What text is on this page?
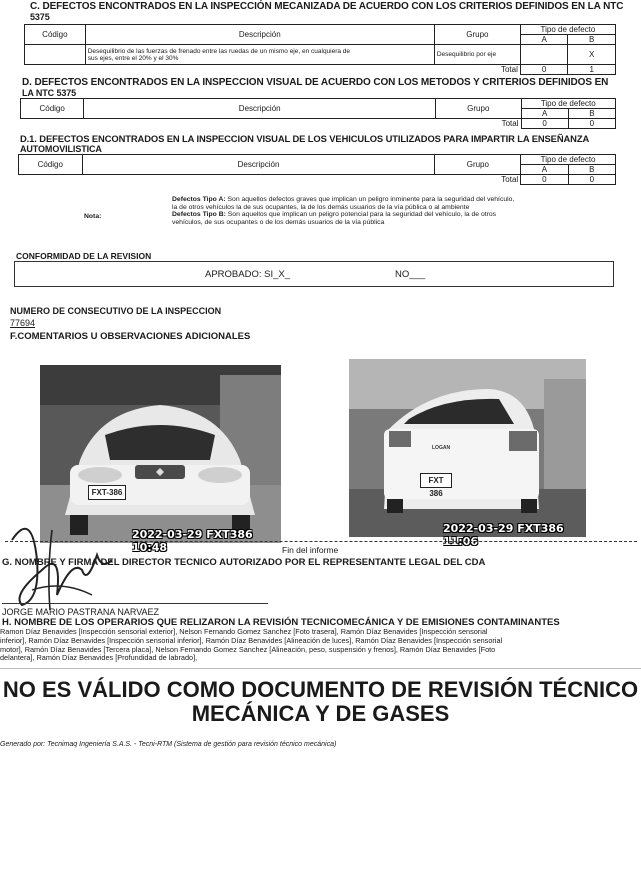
C. DEFECTOS ENCONTRADOS EN LA INSPECCIÓN MECANIZADA DE ACUERDO CON LOS CRITERIOS DEFINIDOS EN LA NTC
5375
Código	Descripción	Grupo	Tipo de defecto	
			A	B

	Desequilibrio de las fuerzas de frenado entre las ruedas de un mismo eje, en cualquiera de
sus ejes, entre el 20% y el 30%	Desequilibrio por eje		X
Total			0	1
D. DEFECTOS ENCONTRADOS EN LA INSPECCION VISUAL DE ACUERDO CON LOS METODOS Y CRITERIOS DEFINIDOS EN
LA NTC 5375
Código	Descripción	Grupo	Tipo de defecto	
			A	B
Total			0	0
D.1. DEFECTOS ENCONTRADOS EN LA INSPECCION VISUAL DE LOS VEHICULOS UTILIZADOS PARA IMPARTIR LA ENSEÑANZA
AUTOMOVILISTICA
Código	Descripción	Grupo	Tipo de defecto	
			A	B
Total			0	0
Nota:
Defectos Tipo A: Son aquellos defectos graves que implican un peligro inminente para la seguridad del vehículo,
la de otros vehículos la de sus ocupantes, la de los demás usuarios de la vía pública o al ambiente
Defectos Tipo B: Son aquellos que implican un peligro potencial para la seguridad del vehículo, la de otros
vehículos, de sus ocupantes o de los demás usuarios de la vía pública
CONFORMIDAD DE LA REVISION
APROBADO: SI_X_	NO___
NUMERO DE CONSECUTIVO DE LA INSPECCION
77694
F.COMENTARIOS U OBSERVACIONES ADICIONALES
FXT-386
2022-03-29 FXT386 10:48
LOGAN
FXT 386
2022-03-29 FXT386 11:06
Fin del informe
G. NOMBRE Y FIRMA DEL DIRECTOR TECNICO AUTORIZADO POR EL REPRESENTANTE LEGAL DEL CDA
JORGE MARIO PASTRANA NARVAEZ
H. NOMBRE DE LOS OPERARIOS QUE RELIZARON LA REVISIÓN TECNICOMECÁNICA Y DE EMISIONES CONTAMINANTES
Ramon Díaz Benavides [Inspección sensorial exterior], Nelson Fernando Gomez Sanchez [Foto trasera], Ramón Díaz Benavides [Inspección sensorial
inferior], Ramón Díaz Benavides [Inspección sensorial inferior], Ramón Díaz Benavides [Alineación de luces], Ramón Díaz Benavides [Inspección sensorial
motor], Ramón Díaz Benavides [Tercera placa], Nelson Fernando Gomez Sanchez [Alineación, peso, suspensión y frenos], Ramón Díaz Benavides [Foto
delantera], Ramón Díaz Benavides [Profundidad de labrado],
NO ES VÁLIDO COMO DOCUMENTO DE REVISIÓN TÉCNICO
MECÁNICA Y DE GASES
Generado por: Tecnimaq Ingeniería S.A.S. - Tecni-RTM (Sistema de gestión para revisión técnico mecánica)
